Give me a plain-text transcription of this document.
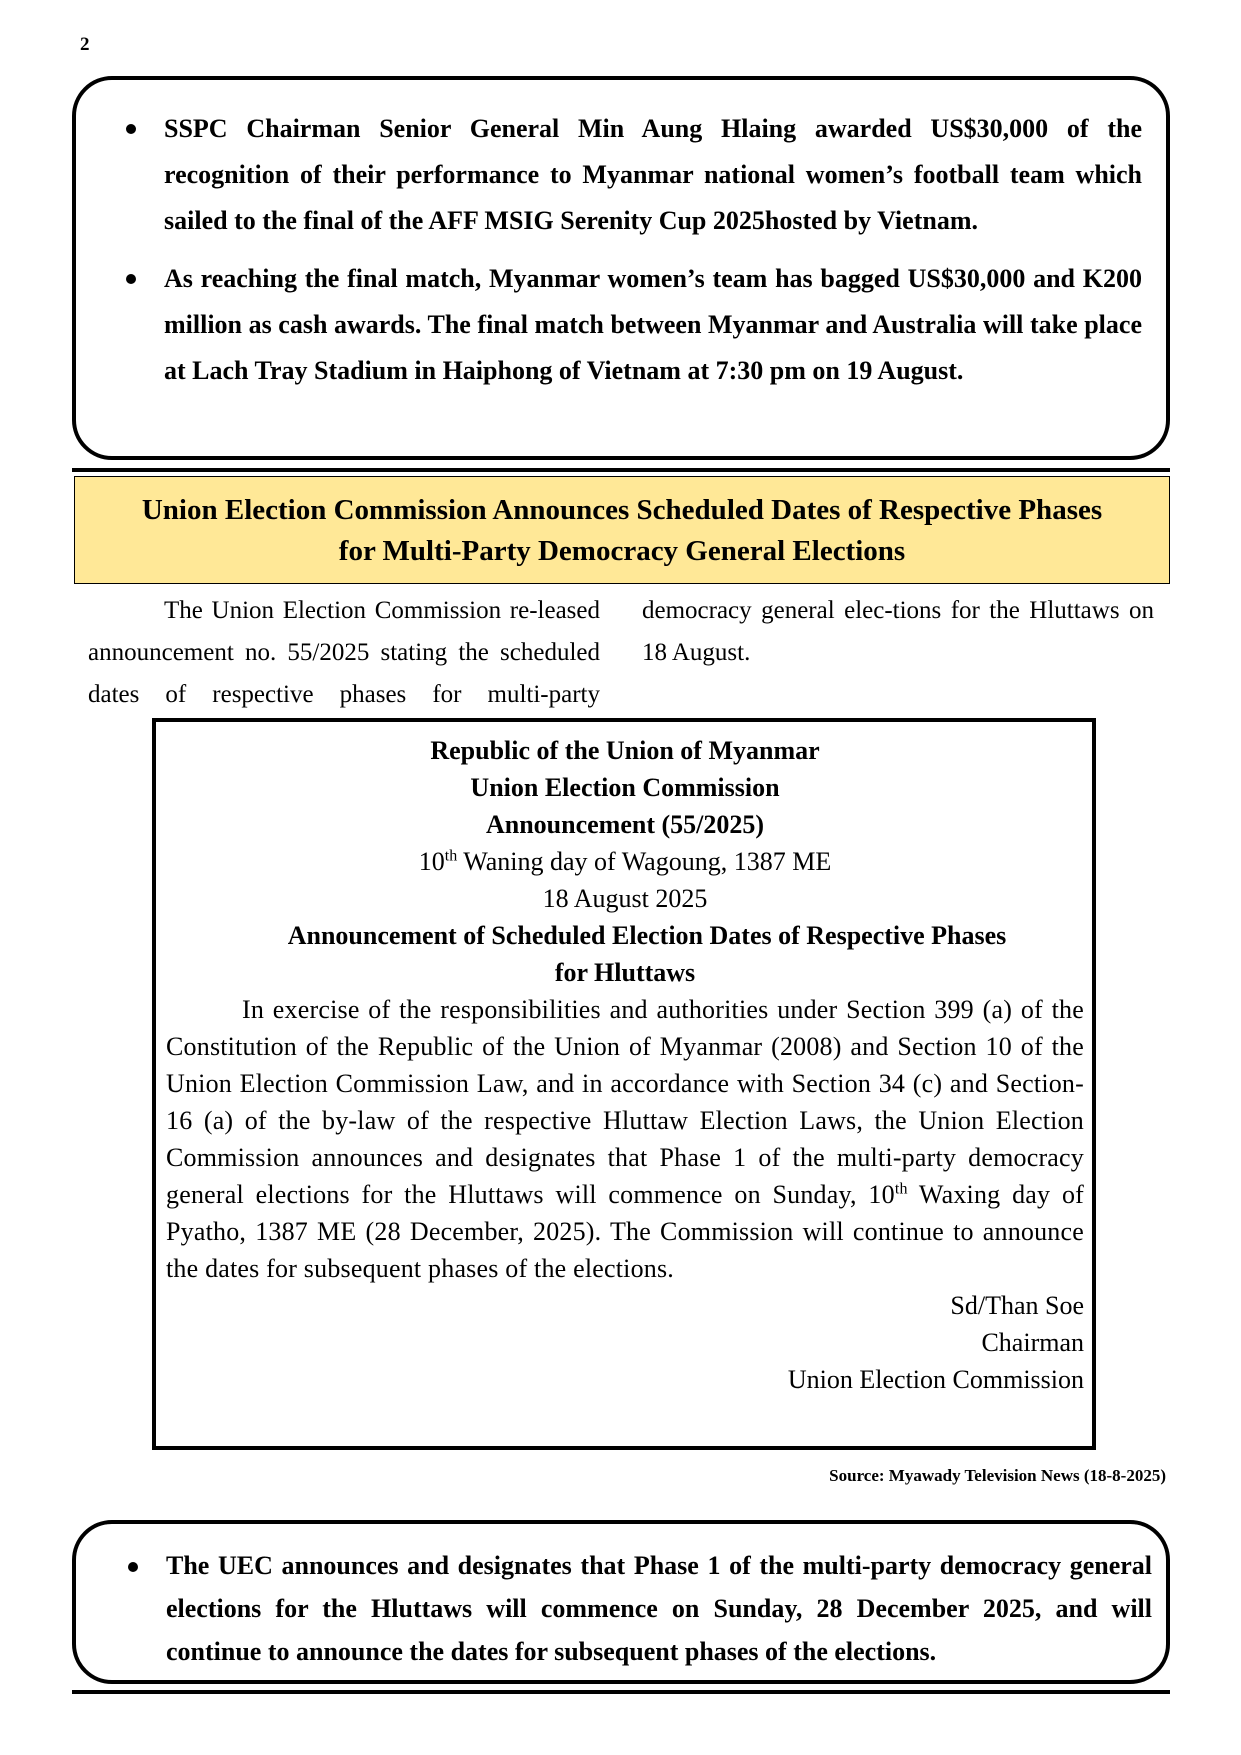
2
SSPC Chairman Senior General Min Aung Hlaing awarded US$30,000 of the recognition of their performance to Myanmar national women’s football team which sailed to the final of the AFF MSIG Serenity Cup 2025hosted by Vietnam.
As reaching the final match, Myanmar women’s team has bagged US$30,000 and K200 million as cash awards. The final match between Myanmar and Australia will take place at Lach Tray Stadium in Haiphong of Vietnam at 7:30 pm on 19 August.
Union Election Commission Announces Scheduled Dates of Respective Phases
for Multi-Party Democracy General Elections

The Union Election Commission re-leased announcement no. 55/2025 stating the scheduled dates of respective phases for multi-party democracy general elec-tions for the Hluttaws on 18 August.

Republic of the Union of Myanmar
Union Election Commission
Announcement (55/2025)
10th Waning day of Wagoung, 1387 ME
18 August 2025
Announcement of Scheduled Election Dates of Respective Phases
for Hluttaws

In exercise of the responsibilities and authorities under Section 399 (a) of the Constitution of the Republic of the Union of Myanmar (2008) and Section 10 of the Union Election Commission Law, and in accordance with Section 34 (c) and Section-16 (a) of the by-law of the respective Hluttaw Election Laws, the Union Election Commission announces and designates that Phase 1 of the multi-party democracy general elections for the Hluttaws will commence on Sunday, 10th Waxing day of Pyatho, 1387 ME (28 December, 2025). The Commission will continue to announce the dates for subsequent phases of the elections.

Sd/Than Soe
Chairman
Union Election Commission
Source: Myawady Television News (18-8-2025)
The UEC announces and designates that Phase 1 of the multi-party democracy general elections for the Hluttaws will commence on Sunday, 28 December 2025, and will continue to announce the dates for subsequent phases of the elections.
